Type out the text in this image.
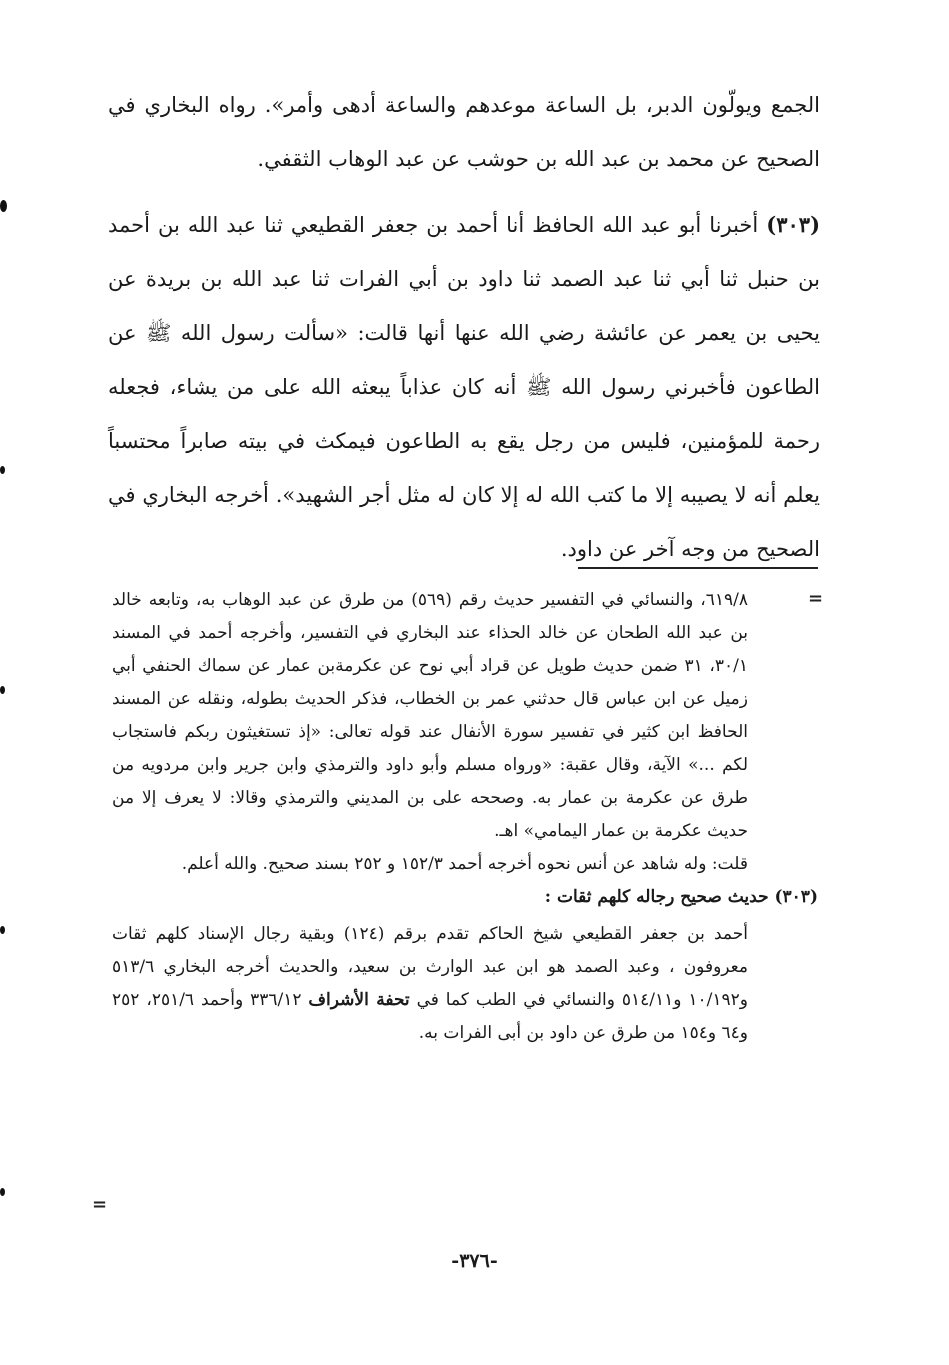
الجمع ويولّون الدبر، بل الساعة موعدهم والساعة أدهى وأمر». رواه البخاري في الصحيح عن محمد بن عبد الله بن حوشب عن عبد الوهاب الثقفي.

(٣٠٣) أخبرنا أبو عبد الله الحافظ أنا أحمد بن جعفر القطيعي ثنا عبد الله بن أحمد بن حنبل ثنا أبي ثنا عبد الصمد ثنا داود بن أبي الفرات ثنا عبد الله بن بريدة عن يحيى بن يعمر عن عائشة رضي الله عنها أنها قالت: «سألت رسول الله ﷺ عن الطاعون فأخبرني رسول الله ﷺ أنه كان عذاباً يبعثه الله على من يشاء، فجعله رحمة للمؤمنين، فليس من رجل يقع به الطاعون فيمكث في بيته صابراً محتسباً يعلم أنه لا يصيبه إلا ما كتب الله له إلا كان له مثل أجر الشهيد». أخرجه البخاري في الصحيح من وجه آخر عن داود.

=

٦١٩/٨، والنسائي في التفسير حديث رقم (٥٦٩) من طرق عن عبد الوهاب به، وتابعه خالد بن عبد الله الطحان عن خالد الحذاء عند البخاري في التفسير، وأخرجه أحمد في المسند ٣٠/١، ٣١ ضمن حديث طويل عن قراد أبي نوح عن عكرمةبن عمار عن سماك الحنفي أبي زميل عن ابن عباس قال حدثني عمر بن الخطاب، فذكر الحديث بطوله، ونقله عن المسند الحافظ ابن كثير في تفسير سورة الأنفال عند قوله تعالى: «إذ تستغيثون ربكم فاستجاب لكم ...» الآية، وقال عقبة: «ورواه مسلم وأبو داود والترمذي وابن جرير وابن مردويه من طرق عن عكرمة بن عمار به. وصححه على بن المديني والترمذي وقالا: لا يعرف إلا من حديث عكرمة بن عمار اليمامي» اهـ.

قلت: وله شاهد عن أنس نحوه أخرجه أحمد ١٥٢/٣ و ٢٥٢ بسند صحيح. والله أعلم.

(٣٠٣) حديث صحيح رجاله كلهم ثقات :

أحمد بن جعفر القطيعي شيخ الحاكم تقدم برقم (١٢٤) وبقية رجال الإسناد كلهم ثقات معروفون ، وعبد الصمد هو ابن عبد الوارث بن سعيد، والحديث أخرجه البخاري ٥١٣/٦ و١٠/١٩٢ و٥١٤/١١ والنسائي في الطب كما في تحفة الأشراف ٣٣٦/١٢ وأحمد ٢٥١/٦، ٢٥٢ و٦٤ و١٥٤ من طرق عن داود بن أبى الفرات به.

=
-٣٧٦-
